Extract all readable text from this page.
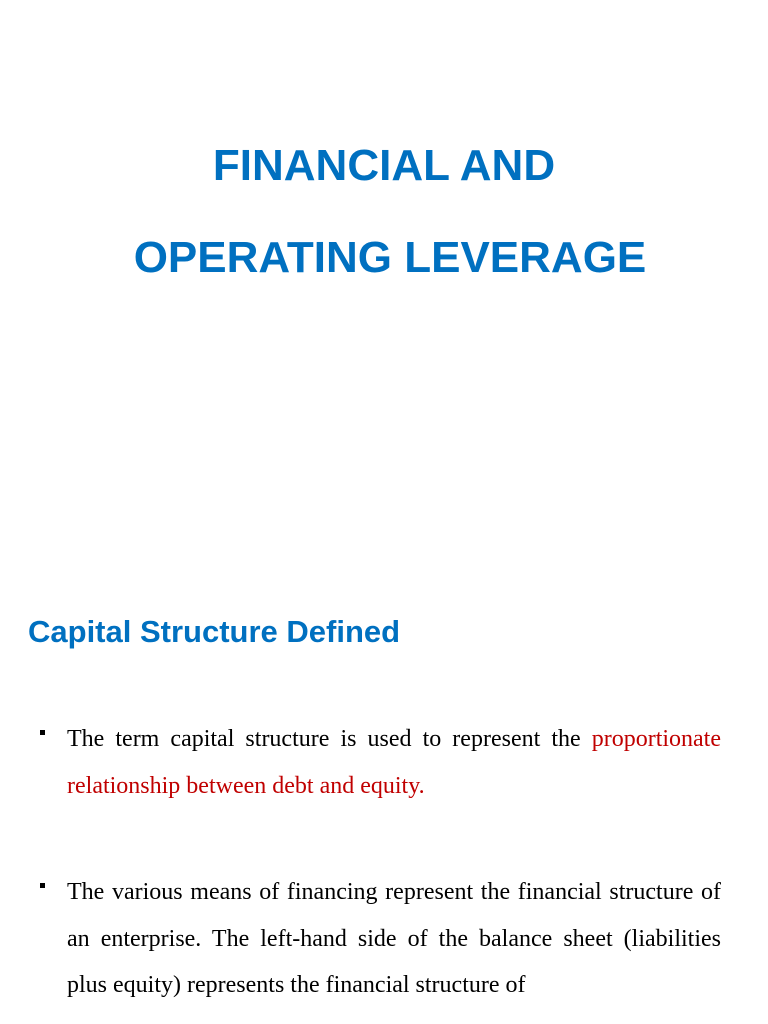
FINANCIAL AND
OPERATING LEVERAGE
Capital Structure Defined
The term capital structure is used to represent the proportionate relationship between debt and equity.
The various means of financing represent the financial structure of an enterprise. The left-hand side of the balance sheet (liabilities plus equity) represents the financial structure of
